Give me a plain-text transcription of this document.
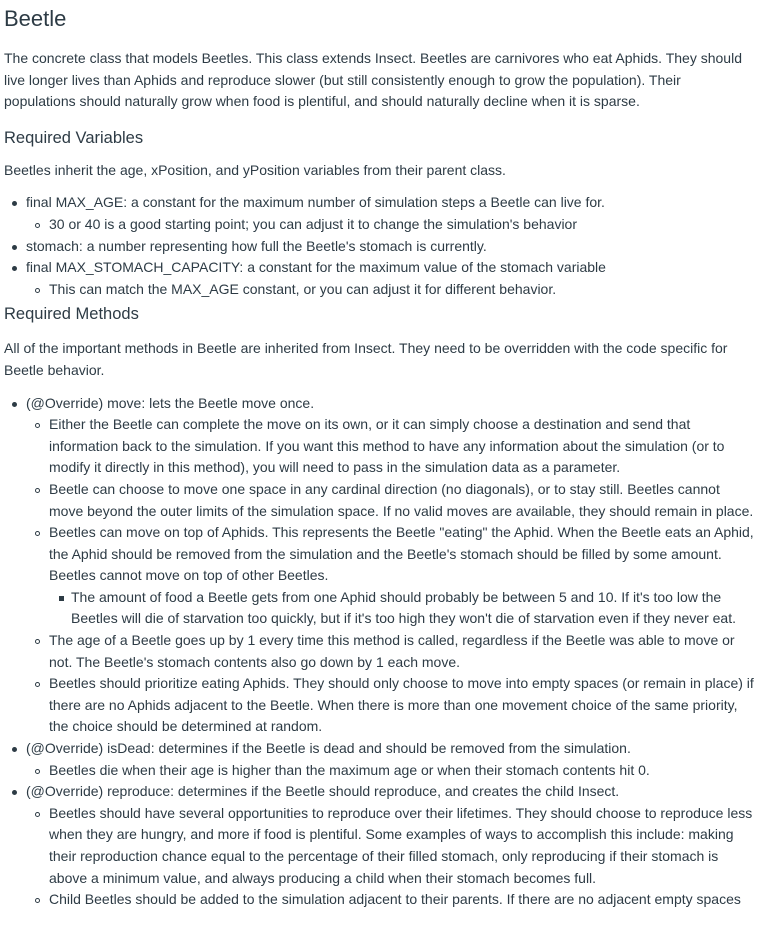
Beetle

The concrete class that models Beetles. This class extends Insect. Beetles are carnivores who eat Aphids. They should live longer lives than Aphids and reproduce slower (but still consistently enough to grow the population). Their populations should naturally grow when food is plentiful, and should naturally decline when it is sparse.

Required Variables

Beetles inherit the age, xPosition, and yPosition variables from their parent class.

final MAX_AGE: a constant for the maximum number of simulation steps a Beetle can live for.
30 or 40 is a good starting point; you can adjust it to change the simulation's behavior
stomach: a number representing how full the Beetle's stomach is currently.
final MAX_STOMACH_CAPACITY: a constant for the maximum value of the stomach variable
This can match the MAX_AGE constant, or you can adjust it for different behavior.
Required Methods

All of the important methods in Beetle are inherited from Insect. They need to be overridden with the code specific for Beetle behavior.

(@Override) move: lets the Beetle move once.
Either the Beetle can complete the move on its own, or it can simply choose a destination and send that information back to the simulation. If you want this method to have any information about the simulation (or to modify it directly in this method), you will need to pass in the simulation data as a parameter.
Beetle can choose to move one space in any cardinal direction (no diagonals), or to stay still. Beetles cannot move beyond the outer limits of the simulation space. If no valid moves are available, they should remain in place.
Beetles can move on top of Aphids. This represents the Beetle "eating" the Aphid. When the Beetle eats an Aphid, the Aphid should be removed from the simulation and the Beetle's stomach should be filled by some amount. Beetles cannot move on top of other Beetles.
The amount of food a Beetle gets from one Aphid should probably be between 5 and 10. If it's too low the Beetles will die of starvation too quickly, but if it's too high they won't die of starvation even if they never eat.
The age of a Beetle goes up by 1 every time this method is called, regardless if the Beetle was able to move or not. The Beetle's stomach contents also go down by 1 each move.
Beetles should prioritize eating Aphids. They should only choose to move into empty spaces (or remain in place) if there are no Aphids adjacent to the Beetle. When there is more than one movement choice of the same priority, the choice should be determined at random.
(@Override) isDead: determines if the Beetle is dead and should be removed from the simulation.
Beetles die when their age is higher than the maximum age or when their stomach contents hit 0.
(@Override) reproduce: determines if the Beetle should reproduce, and creates the child Insect.
Beetles should have several opportunities to reproduce over their lifetimes. They should choose to reproduce less when they are hungry, and more if food is plentiful. Some examples of ways to accomplish this include: making their reproduction chance equal to the percentage of their filled stomach, only reproducing if their stomach is above a minimum value, and always producing a child when their stomach becomes full.
Child Beetles should be added to the simulation adjacent to their parents. If there are no adjacent empty spaces
